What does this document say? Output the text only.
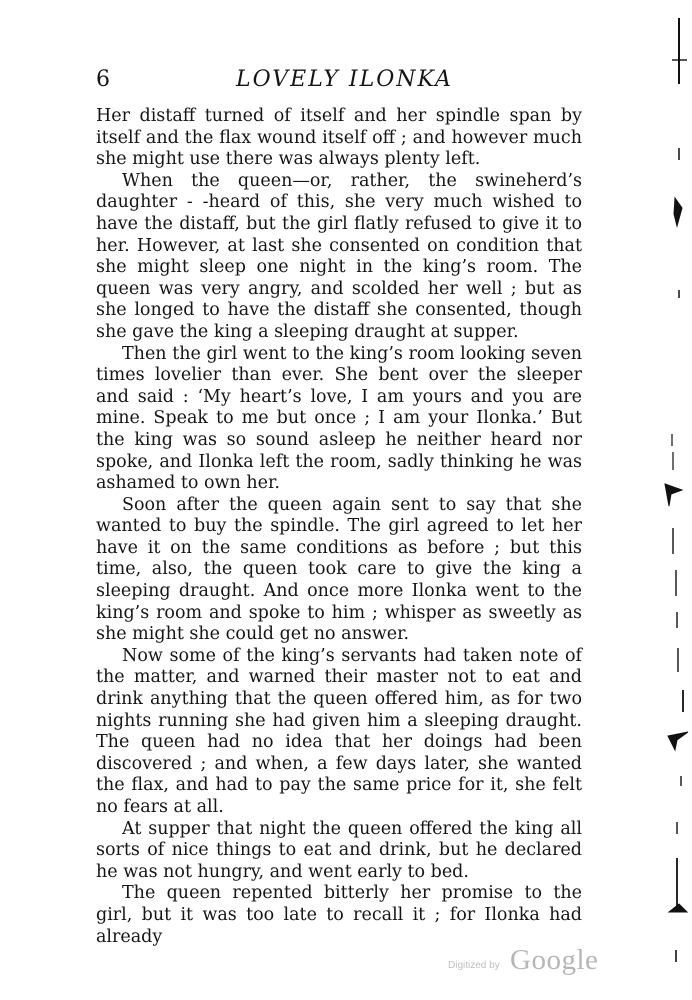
6	LOVELY ILONKA

Her distaff turned of itself and her spindle span by itself and the flax wound itself off ; and however much she might use there was always plenty left.

When the queen—or, rather, the swineherd’s daughter - -heard of this, she very much wished to have the distaff, but the girl flatly refused to give it to her. However, at last she consented on condition that she might sleep one night in the king’s room. The queen was very angry, and scolded her well ; but as she longed to have the distaff she consented, though she gave the king a sleeping draught at supper.

Then the girl went to the king’s room looking seven times lovelier than ever. She bent over the sleeper and said : ‘My heart’s love, I am yours and you are mine. Speak to me but once ; I am your Ilonka.’ But the king was so sound asleep he neither heard nor spoke, and Ilonka left the room, sadly thinking he was ashamed to own her.

Soon after the queen again sent to say that she wanted to buy the spindle. The girl agreed to let her have it on the same conditions as before ; but this time, also, the queen took care to give the king a sleeping draught. And once more Ilonka went to the king’s room and spoke to him ; whisper as sweetly as she might she could get no answer.

Now some of the king’s servants had taken note of the matter, and warned their master not to eat and drink anything that the queen offered him, as for two nights running she had given him a sleeping draught. The queen had no idea that her doings had been discovered ; and when, a few days later, she wanted the flax, and had to pay the same price for it, she felt no fears at all.

At supper that night the queen offered the king all sorts of nice things to eat and drink, but he declared he was not hungry, and went early to bed.

The queen repented bitterly her promise to the girl, but it was too late to recall it ; for Ilonka had already

Digitized by Google
